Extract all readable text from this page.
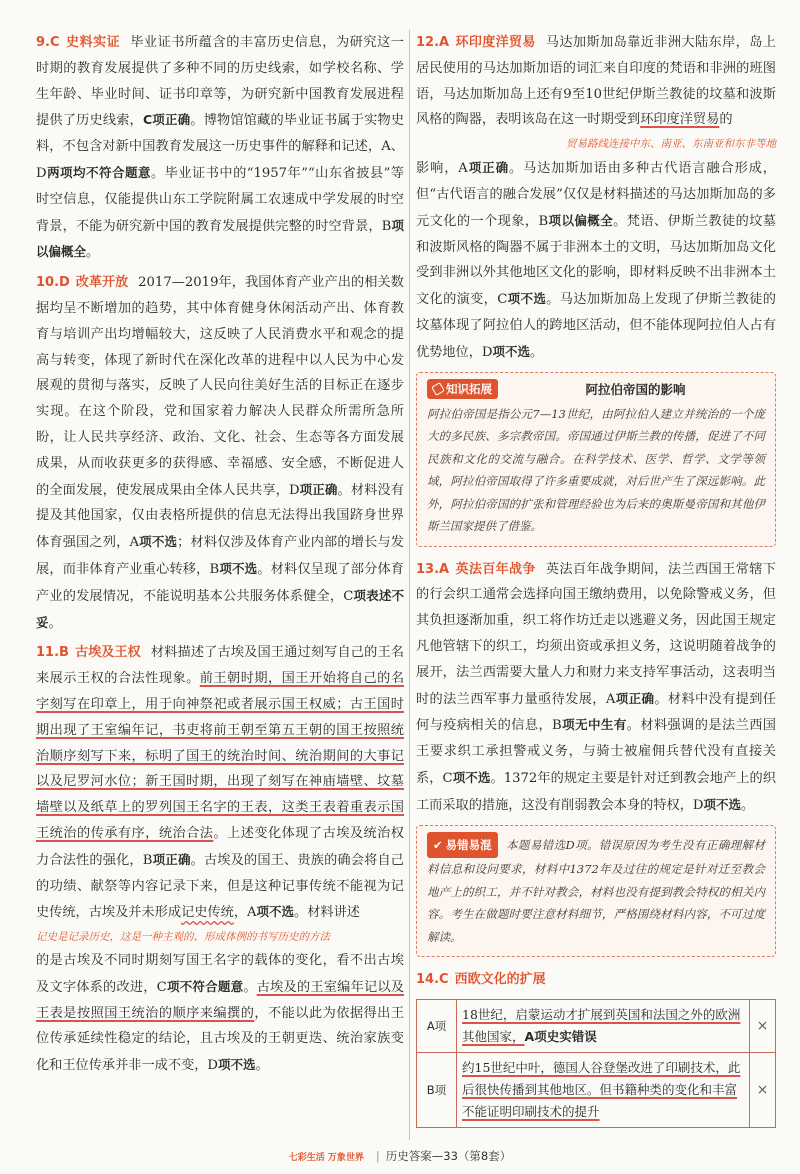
9.C 史料实证 毕业证书所蕴含的丰富历史信息，为研究这一时期的教育发展提供了多种不同的历史线索，如学校名称、学生年龄、毕业时间、证书印章等，为研究新中国教育发展进程提供了历史线索，C项正确。博物馆馆藏的毕业证书属于实物史料，不包含对新中国教育发展这一历史事件的解释和记述，A、D两项均不符合题意。毕业证书中的“1957年”“山东省披县”等时空信息，仅能提供山东工学院附属工农速成中学发展的时空背景，不能为研究新中国的教育发展提供完整的时空背景，B项以偏概全。
10.D 改革开放 2017—2019年，我国体育产业产出的相关数据均呈不断增加的趋势，其中体育健身休闲活动产出、体育教育与培训产出均增幅较大，这反映了人民消费水平和观念的提高与转变，体现了新时代在深化改革的进程中以人民为中心发展观的贯彻与落实，反映了人民向往美好生活的目标正在逐步实现。在这个阶段，党和国家着力解决人民群众所需所急所盼，让人民共享经济、政治、文化、社会、生态等各方面发展成果，从而收获更多的获得感、幸福感、安全感，不断促进人的全面发展，使发展成果由全体人民共享，D项正确。材料没有提及其他国家，仅由表格所提供的信息无法得出我国跻身世界体育强国之列，A项不选；材料仅涉及体育产业内部的增长与发展，而非体育产业重心转移，B项不选。材料仅呈现了部分体育产业的发展情况，不能说明基本公共服务体系健全，C项表述不妥。
11.B 古埃及王权 材料描述了古埃及国王通过刻写自己的王名来展示王权的合法性现象。前王朝时期，国王开始将自己的名字刻写在印章上，用于向神祭祀或者展示国王权威；古王国时期出现了王室编年记，书吏将前王朝至第五王朝的国王按照统治顺序刻写下来，标明了国王的统治时间、统治期间的大事记以及尼罗河水位；新王国时期，出现了刻写在神庙墙壁、坟墓墙壁以及纸草上的罗列国王名字的王表，这类王表着重表示国王统治的传承有序，统治合法。上述变化体现了古埃及统治权力合法性的强化，B项正确。古埃及的国王、贵族的确会将自己的功绩、献祭等内容记录下来，但是这种记事传统不能视为记史传统，古埃及并未形成记史传统，A项不选。材料讲述
记史是记录历史，这是一种主观的、形成体例的书写历史的方法
的是古埃及不同时期刻写国王名字的载体的变化，看不出古埃及文字体系的改进，C项不符合题意。古埃及的王室编年记以及王表是按照国王统治的顺序来编撰的，不能以此为依据得出王位传承延续性稳定的结论，且古埃及的王朝更迭、统治家族变化和王位传承并非一成不变，D项不选。
12.A 环印度洋贸易 马达加斯加岛靠近非洲大陆东岸，岛上居民使用的马达加斯加语的词汇来自印度的梵语和非洲的班图语，马达加斯加岛上还有9至10世纪伊斯兰教徒的坟墓和波斯风格的陶器，表明该岛在这一时期受到环印度洋贸易的
贸易路线连接中东、南亚、东南亚和东非等地
影响，A项正确。马达加斯加语由多种古代语言融合形成，但“古代语言的融合发展”仅仅是材料描述的马达加斯加岛的多元文化的一个现象，B项以偏概全。梵语、伊斯兰教徒的坟墓和波斯风格的陶器不属于非洲本土的文明，马达加斯加岛文化受到非洲以外其他地区文化的影响，即材料反映不出非洲本土文化的演变，C项不选。马达加斯加岛上发现了伊斯兰教徒的坟墓体现了阿拉伯人的跨地区活动，但不能体现阿拉伯人占有优势地位，D项不选。
知识拓展	阿拉伯帝国的影响
阿拉伯帝国是指公元7—13世纪，由阿拉伯人建立并统治的一个庞大的多民族、多宗教帝国。帝国通过伊斯兰教的传播，促进了不同民族和文化的交流与融合。在科学技术、医学、哲学、文学等领域，阿拉伯帝国取得了许多重要成就，对后世产生了深远影响。此外，阿拉伯帝国的扩张和管理经验也为后来的奥斯曼帝国和其他伊斯兰国家提供了借鉴。
13.A 英法百年战争 英法百年战争期间，法兰西国王常辖下的行会织工通常会选择向国王缴纳费用，以免除警戒义务，但其负担逐渐加重，织工将作坊迁走以逃避义务，因此国王规定凡他管辖下的织工，均须出资或承担义务，这说明随着战争的展开，法兰西需要大量人力和财力来支持军事活动，这表明当时的法兰西军事力量亟待发展，A项正确。材料中没有提到任何与疫病相关的信息，B项无中生有。材料强调的是法兰西国王要求织工承担警戒义务，与骑士被雇佣兵替代没有直接关系，C项不选。1372年的规定主要是针对迁到教会地产上的织工而采取的措施，这没有削弱教会本身的特权，D项不选。
✔ 易错易混 本题易错选D项。错误原因为考生没有正确理解材料信息和设问要求，材料中1372年及过往的规定是针对迁至教会地产上的织工，并不针对教会，材料也没有提到教会特权的相关内容。考生在做题时要注意材料细节，严格围绕材料内容，不可过度解读。
14.C 西欧文化的扩展
A项	18世纪，启蒙运动才扩展到英国和法国之外的欧洲其他国家，A项史实错误	×
B项	约15世纪中叶，德国人谷登堡改进了印刷技术，此后很快传播到其他地区。但书籍种类的变化和丰富不能证明印刷技术的提升	×
七彩生活 万象世界 | 历史答案—33（第8套）
